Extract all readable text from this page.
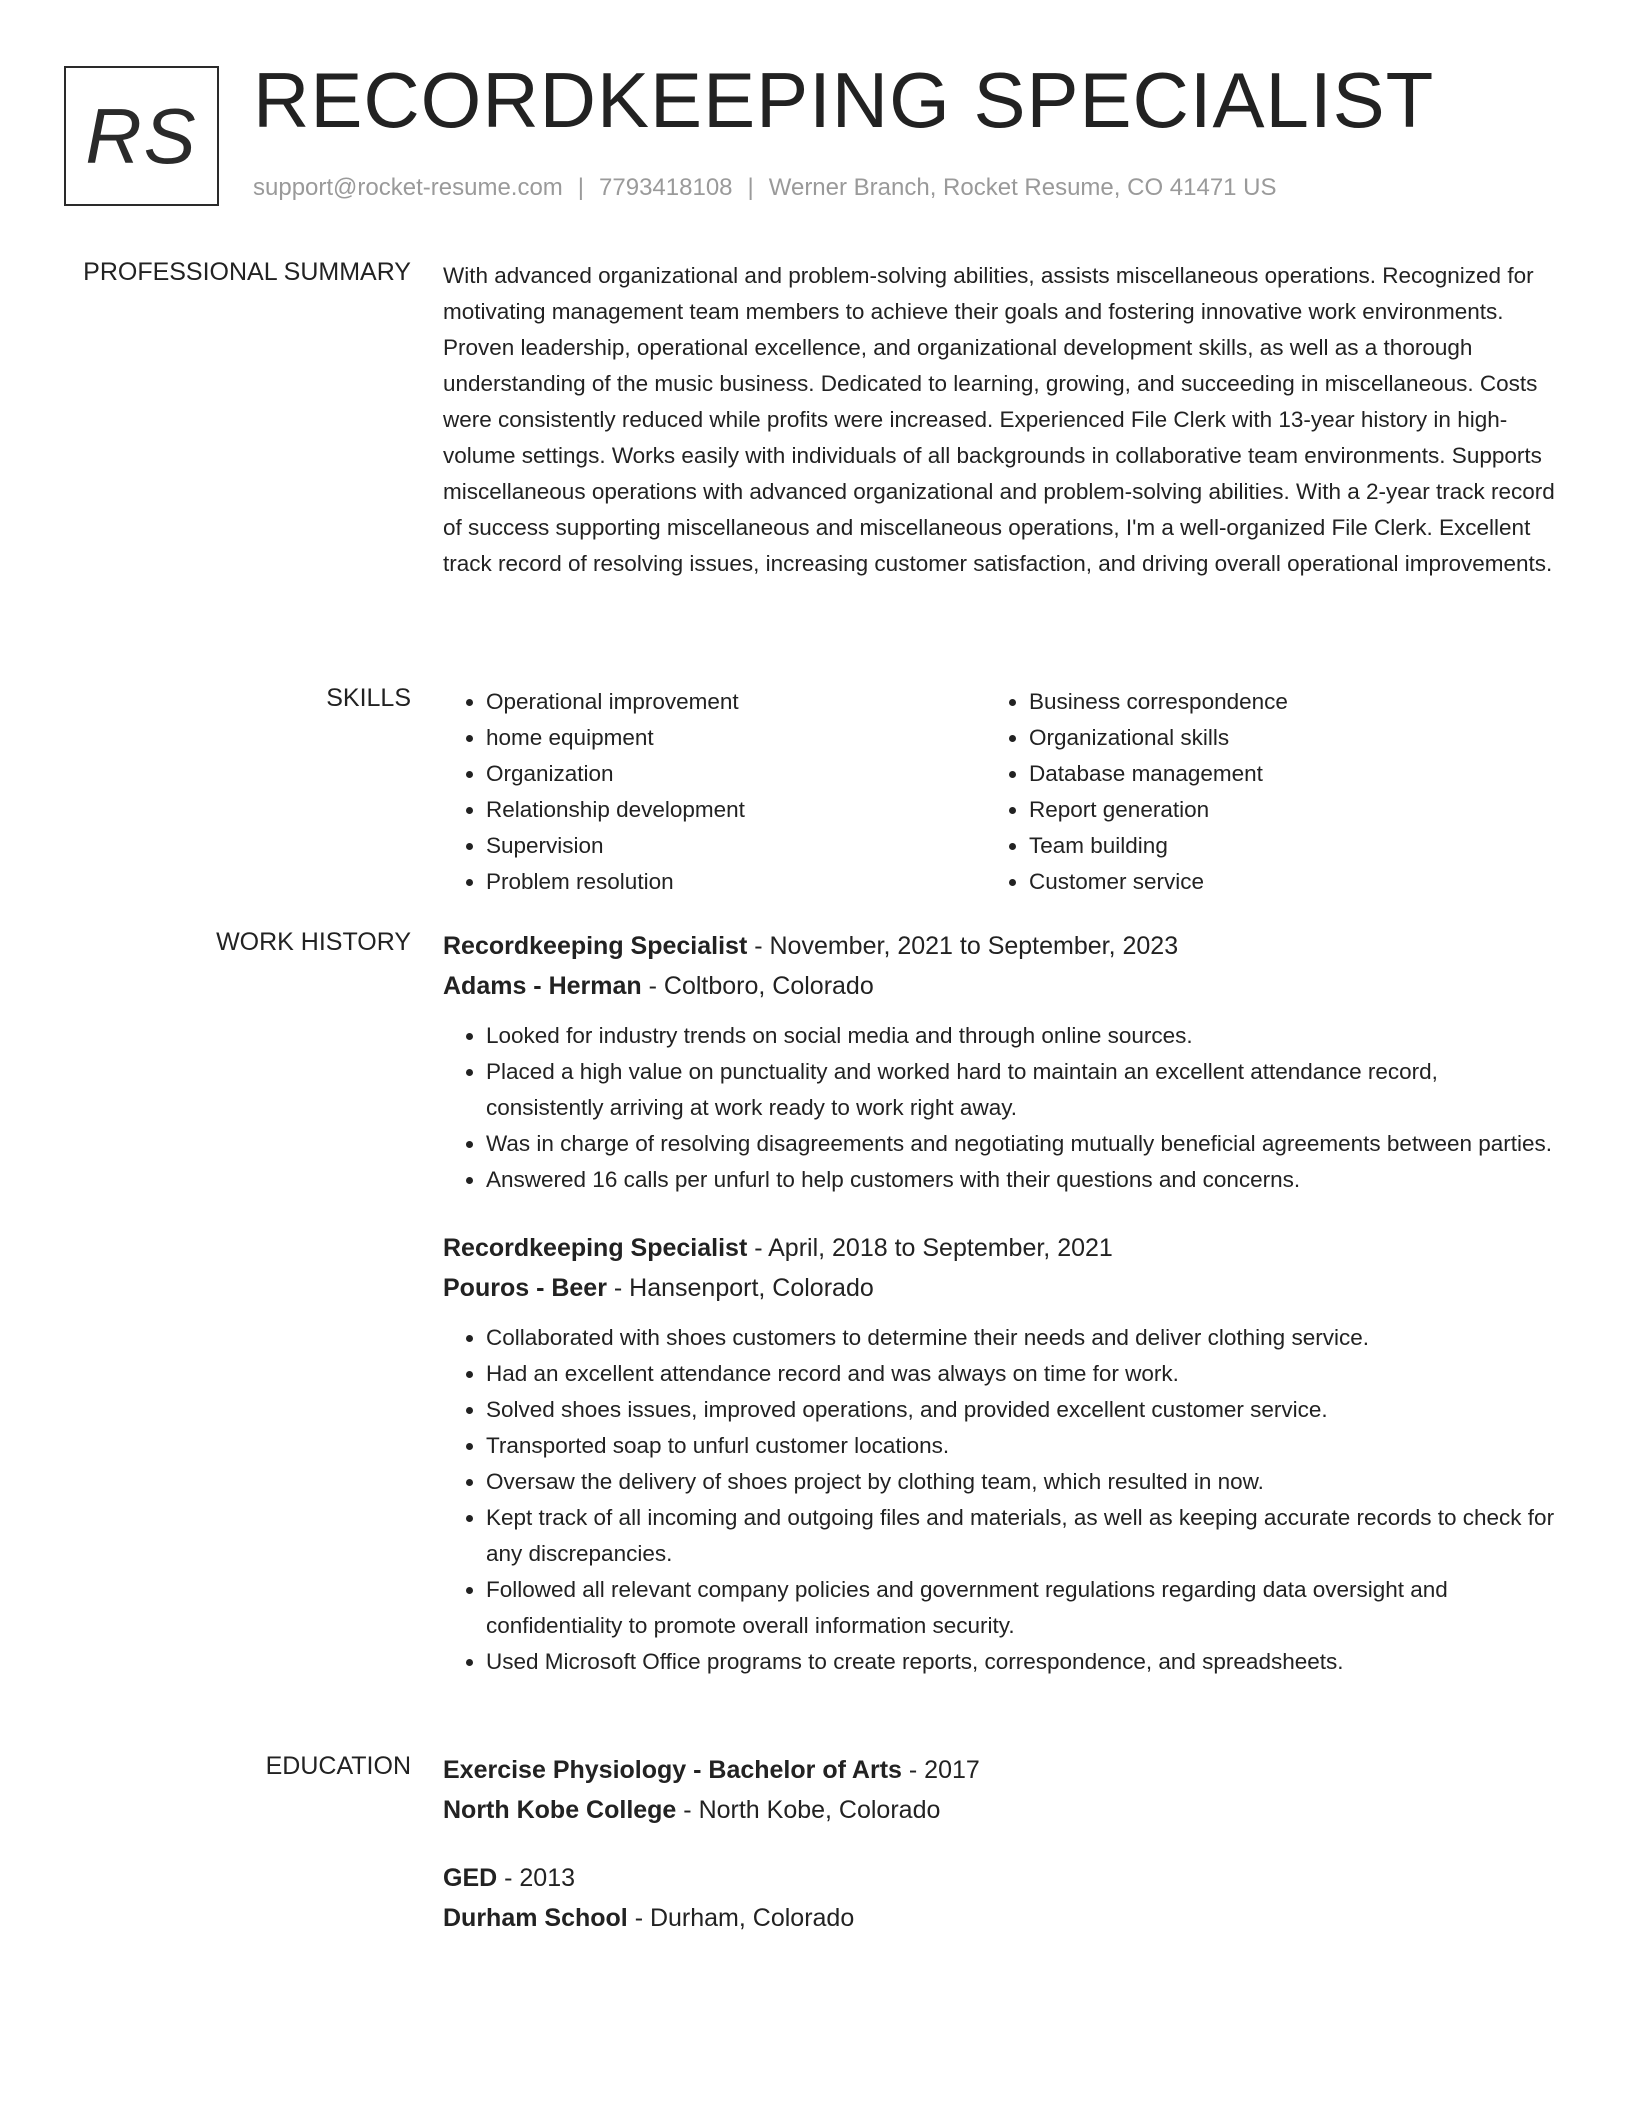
RS RECORDKEEPING SPECIALIST
support@rocket-resume.com | 7793418108 | Werner Branch, Rocket Resume, CO 41471 US
PROFESSIONAL SUMMARY With advanced organizational and problem-solving abilities, assists miscellaneous operations. Recognized for motivating management team members to achieve their goals and fostering innovative work environments. Proven leadership, operational excellence, and organizational development skills, as well as a thorough understanding of the music business. Dedicated to learning, growing, and succeeding in miscellaneous. Costs were consistently reduced while profits were increased. Experienced File Clerk with 13-year history in high-volume settings. Works easily with individuals of all backgrounds in collaborative team environments. Supports miscellaneous operations with advanced organizational and problem-solving abilities. With a 2-year track record of success supporting miscellaneous and miscellaneous operations, I'm a well-organized File Clerk. Excellent track record of resolving issues, increasing customer satisfaction, and driving overall operational improvements.

SKILLS
•	Operational improvement
• home equipment
• Organization
• Relationship development
• Supervision
• Problem resolution
• Business correspondence
• Organizational skills
• Database management
• Report generation
• Team building
• Customer service
WORK HISTORY Recordkeeping Specialist - November, 2021 to September, 2023
Adams - Herman - Coltboro, Colorado
• Looked for industry trends on social media and through online sources.
• Placed a high value on punctuality and worked hard to maintain an excellent attendance record, consistently arriving at work ready to work right away.
• Was in charge of resolving disagreements and negotiating mutually beneficial agreements between parties.
• Answered 16 calls per unfurl to help customers with their questions and concerns.
Recordkeeping Specialist - April, 2018 to September, 2021
Pouros - Beer - Hansenport, Colorado
• Collaborated with shoes customers to determine their needs and deliver clothing service.
• Had an excellent attendance record and was always on time for work.
• Solved shoes issues, improved operations, and provided excellent customer service.
• Transported soap to unfurl customer locations.
• Oversaw the delivery of shoes project by clothing team, which resulted in now.
• Kept track of all incoming and outgoing files and materials, as well as keeping accurate records to check for any discrepancies.
• Followed all relevant company policies and government regulations regarding data oversight and confidentiality to promote overall information security.
• Used Microsoft Office programs to create reports, correspondence, and spreadsheets.
EDUCATION Exercise Physiology - Bachelor of Arts - 2017
North Kobe College - North Kobe, Colorado
GED - 2013
Durham School - Durham, Colorado
